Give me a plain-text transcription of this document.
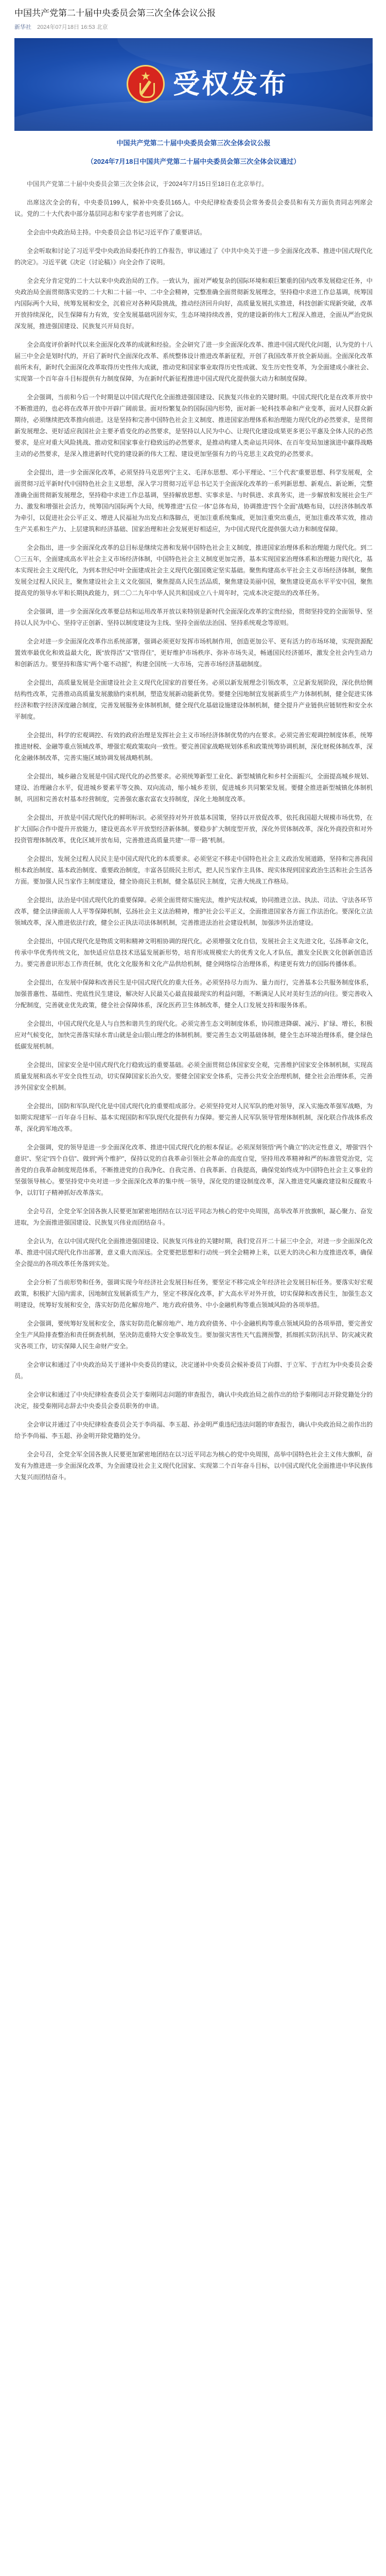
中国共产党第二十届中央委员会第三次全体会议公报
新华社 2024年07月18日 16:53 北京
★ 受权发布
中国共产党第二十届中央委员会第三次全体会议公报
（2024年7月18日中国共产党第二十届中央委员会第三次全体会议通过）

中国共产党第二十届中央委员会第三次全体会议，于2024年7月15日至18日在北京举行。

出席这次全会的有，中央委员199人，候补中央委员165人。中央纪律检查委员会常务委员会委员和有关方面负责同志列席会议。党的二十大代表中部分基层同志和专家学者也列席了会议。

全会由中央政治局主持。中央委员会总书记习近平作了重要讲话。

全会听取和讨论了习近平受中央政治局委托作的工作报告，审议通过了《中共中央关于进一步全面深化改革、推进中国式现代化的决定》。习近平就《决定（讨论稿）》向全会作了说明。

全会充分肯定党的二十大以来中央政治局的工作。一致认为，面对严峻复杂的国际环境和艰巨繁重的国内改革发展稳定任务，中央政治局全面贯彻落实党的二十大和二十届一中、二中全会精神，完整准确全面贯彻新发展理念，坚持稳中求进工作总基调，统筹国内国际两个大局，统筹发展和安全，沉着应对各种风险挑战，推动经济回升向好，高质量发展扎实推进，科技创新实现新突破，改革开放持续深化，民生保障有力有效，安全发展基础巩固夯实，生态环境持续改善，党的建设新的伟大工程深入推进，全面从严治党纵深发展，推进强国建设、民族复兴开局良好。

全会高度评价新时代以来全面深化改革的成就和经验。全会研究了进一步全面深化改革、推进中国式现代化问题，认为党的十八届三中全会是划时代的，开启了新时代全面深化改革、系统整体设计推进改革新征程，开创了我国改革开放全新局面。全面深化改革前所未有，新时代全面深化改革取得历史性伟大成就，推动党和国家事业取得历史性成就、发生历史性变革，为全面建成小康社会、实现第一个百年奋斗目标提供有力制度保障，为在新时代新征程推进中国式现代化提供强大动力和制度保障。

全会强调，当前和今后一个时期是以中国式现代化全面推进强国建设、民族复兴伟业的关键时期。中国式现代化是在改革开放中不断推进的，也必将在改革开放中开辟广阔前景。面对纷繁复杂的国际国内形势，面对新一轮科技革命和产业变革，面对人民群众新期待，必须继续把改革推向前进。这是坚持和完善中国特色社会主义制度、推进国家治理体系和治理能力现代化的必然要求，是贯彻新发展理念、更好适应我国社会主要矛盾变化的必然要求，是坚持以人民为中心、让现代化建设成果更多更公平惠及全体人民的必然要求，是应对重大风险挑战、推动党和国家事业行稳致远的必然要求，是推动构建人类命运共同体、在百年变局加速演进中赢得战略主动的必然要求，是深入推进新时代党的建设新的伟大工程、建设更加坚强有力的马克思主义政党的必然要求。

全会提出，进一步全面深化改革，必须坚持马克思列宁主义、毛泽东思想、邓小平理论、“三个代表”重要思想、科学发展观，全面贯彻习近平新时代中国特色社会主义思想，深入学习贯彻习近平总书记关于全面深化改革的一系列新思想、新观点、新论断，完整准确全面贯彻新发展理念，坚持稳中求进工作总基调，坚持解放思想、实事求是、与时俱进、求真务实，进一步解放和发展社会生产力、激发和增强社会活力，统筹国内国际两个大局，统筹推进“五位一体”总体布局，协调推进“四个全面”战略布局，以经济体制改革为牵引，以促进社会公平正义、增进人民福祉为出发点和落脚点，更加注重系统集成，更加注重突出重点，更加注重改革实效，推动生产关系和生产力、上层建筑和经济基础、国家治理和社会发展更好相适应，为中国式现代化提供强大动力和制度保障。

全会指出，进一步全面深化改革的总目标是继续完善和发展中国特色社会主义制度，推进国家治理体系和治理能力现代化。到二〇三五年，全面建成高水平社会主义市场经济体制，中国特色社会主义制度更加完善，基本实现国家治理体系和治理能力现代化，基本实现社会主义现代化，为到本世纪中叶全面建成社会主义现代化强国奠定坚实基础。聚焦构建高水平社会主义市场经济体制，聚焦发展全过程人民民主，聚焦建设社会主义文化强国，聚焦提高人民生活品质，聚焦建设美丽中国，聚焦建设更高水平平安中国，聚焦提高党的领导水平和长期执政能力，到二〇二九年中华人民共和国成立八十周年时，完成本决定提出的改革任务。

全会强调，进一步全面深化改革要总结和运用改革开放以来特别是新时代全面深化改革的宝贵经验，贯彻坚持党的全面领导、坚持以人民为中心、坚持守正创新、坚持以制度建设为主线、坚持全面依法治国、坚持系统观念等原则。

全会对进一步全面深化改革作出系统部署，强调必须更好发挥市场机制作用，创造更加公平、更有活力的市场环境，实现资源配置效率最优化和效益最大化，既“放得活”又“管得住”，更好维护市场秩序、弥补市场失灵，畅通国民经济循环，激发全社会内生动力和创新活力。要坚持和落实“两个毫不动摇”，构建全国统一大市场，完善市场经济基础制度。

全会提出，高质量发展是全面建设社会主义现代化国家的首要任务。必须以新发展理念引领改革，立足新发展阶段，深化供给侧结构性改革，完善推动高质量发展激励约束机制，塑造发展新动能新优势。要健全因地制宜发展新质生产力体制机制，健全促进实体经济和数字经济深度融合制度，完善发展服务业体制机制，健全现代化基础设施建设体制机制，健全提升产业链供应链韧性和安全水平制度。

全会提出，科学的宏观调控、有效的政府治理是发挥社会主义市场经济体制优势的内在要求。必须完善宏观调控制度体系，统筹推进财税、金融等重点领域改革，增强宏观政策取向一致性。要完善国家战略规划体系和政策统筹协调机制，深化财税体制改革，深化金融体制改革，完善实施区域协调发展战略机制。

全会提出，城乡融合发展是中国式现代化的必然要求。必须统筹新型工业化、新型城镇化和乡村全面振兴，全面提高城乡规划、建设、治理融合水平，促进城乡要素平等交换、双向流动，缩小城乡差别，促进城乡共同繁荣发展。要健全推进新型城镇化体制机制，巩固和完善农村基本经营制度，完善强农惠农富农支持制度，深化土地制度改革。

全会提出，开放是中国式现代化的鲜明标识。必须坚持对外开放基本国策，坚持以开放促改革，依托我国超大规模市场优势，在扩大国际合作中提升开放能力，建设更高水平开放型经济新体制。要稳步扩大制度型开放，深化外贸体制改革，深化外商投资和对外投资管理体制改革，优化区域开放布局，完善推进高质量共建“一带一路”机制。

全会提出，发展全过程人民民主是中国式现代化的本质要求。必须坚定不移走中国特色社会主义政治发展道路，坚持和完善我国根本政治制度、基本政治制度、重要政治制度，丰富各层级民主形式，把人民当家作主具体、现实体现到国家政治生活和社会生活各方面。要加强人民当家作主制度建设，健全协商民主机制，健全基层民主制度，完善大统战工作格局。

全会提出，法治是中国式现代化的重要保障。必须全面贯彻实施宪法，维护宪法权威，协同推进立法、执法、司法、守法各环节改革，健全法律面前人人平等保障机制，弘扬社会主义法治精神，维护社会公平正义，全面推进国家各方面工作法治化。要深化立法领域改革，深入推进依法行政，健全公正执法司法体制机制，完善推进法治社会建设机制，加强涉外法治建设。

全会提出，中国式现代化是物质文明和精神文明相协调的现代化。必须增强文化自信，发展社会主义先进文化，弘扬革命文化，传承中华优秀传统文化，加快适应信息技术迅猛发展新形势，培育形成规模宏大的优秀文化人才队伍，激发全民族文化创新创造活力。要完善意识形态工作责任制，优化文化服务和文化产品供给机制，健全网络综合治理体系，构建更有效力的国际传播体系。

全会提出，在发展中保障和改善民生是中国式现代化的重大任务。必须坚持尽力而为、量力而行，完善基本公共服务制度体系，加强普惠性、基础性、兜底性民生建设，解决好人民最关心最直接最现实的利益问题，不断满足人民对美好生活的向往。要完善收入分配制度，完善就业优先政策，健全社会保障体系，深化医药卫生体制改革，健全人口发展支持和服务体系。

全会提出，中国式现代化是人与自然和谐共生的现代化。必须完善生态文明制度体系，协同推进降碳、减污、扩绿、增长，积极应对气候变化，加快完善落实绿水青山就是金山银山理念的体制机制。要完善生态文明基础体制，健全生态环境治理体系，健全绿色低碳发展机制。

全会提出，国家安全是中国式现代化行稳致远的重要基础。必须全面贯彻总体国家安全观，完善维护国家安全体制机制，实现高质量发展和高水平安全良性互动，切实保障国家长治久安。要健全国家安全体系，完善公共安全治理机制，健全社会治理体系，完善涉外国家安全机制。

全会提出，国防和军队现代化是中国式现代化的重要组成部分。必须坚持党对人民军队的绝对领导，深入实施改革强军战略，为如期实现建军一百年奋斗目标、基本实现国防和军队现代化提供有力保障。要完善人民军队领导管理体制机制，深化联合作战体系改革，深化跨军地改革。

全会强调，党的领导是进一步全面深化改革、推进中国式现代化的根本保证。必须深刻领悟“两个确立”的决定性意义，增强“四个意识”、坚定“四个自信”、做到“两个维护”，保持以党的自我革命引领社会革命的高度自觉，坚持用改革精神和严的标准管党治党，完善党的自我革命制度规范体系，不断推进党的自我净化、自我完善、自我革新、自我提高，确保党始终成为中国特色社会主义事业的坚强领导核心。要坚持党中央对进一步全面深化改革的集中统一领导，深化党的建设制度改革，深入推进党风廉政建设和反腐败斗争，以钉钉子精神抓好改革落实。

全会号召，全党全军全国各族人民要更加紧密地团结在以习近平同志为核心的党中央周围，高举改革开放旗帜，凝心聚力、奋发进取，为全面推进强国建设、民族复兴伟业而团结奋斗。

全会认为，在以中国式现代化全面推进强国建设、民族复兴伟业的关键时期，我们党召开二十届三中全会，对进一步全面深化改革、推进中国式现代化作出部署，意义重大而深远。全党要把思想和行动统一到全会精神上来，以更大的决心和力度推进改革，确保全会提出的各项改革任务落到实处。

全会分析了当前形势和任务，强调实现今年经济社会发展目标任务，要坚定不移完成全年经济社会发展目标任务。要落实好宏观政策，积极扩大国内需求，因地制宜发展新质生产力，坚定不移深化改革，扩大高水平对外开放，切实保障和改善民生，加强生态文明建设，统筹好发展和安全，落实好防范化解房地产、地方政府债务、中小金融机构等重点领域风险的各项举措。

全会强调，要统筹好发展和安全，落实好防范化解房地产、地方政府债务、中小金融机构等重点领域风险的各项举措，要完善安全生产风险排查整治和责任倒查机制，坚决防范重特大安全事故发生。要加强灾害性天气监测预警，抓细抓实防汛抗旱、防灾减灾救灾各项工作，切实保障人民生命财产安全。

全会审议和通过了中央政治局关于递补中央委员的建议，决定递补中央委员会候补委员丁向群、于立军、于吉红为中央委员会委员。

全会审议和通过了中央纪律检查委员会关于秦刚同志问题的审查报告，确认中央政治局之前作出的给予秦刚同志开除党籍处分的决定，接受秦刚同志辞去中央委员会委员职务的申请。

全会审议并通过了中央纪律检查委员会关于李尚福、李玉超、孙金明严重违纪违法问题的审查报告，确认中央政治局之前作出的给予李尚福、李玉超、孙金明开除党籍的处分。

全会号召，全党全军全国各族人民要更加紧密地团结在以习近平同志为核心的党中央周围，高举中国特色社会主义伟大旗帜，奋发有为推进进一步全面深化改革，为全面建设社会主义现代化国家、实现第二个百年奋斗目标，以中国式现代化全面推进中华民族伟大复兴而团结奋斗。
